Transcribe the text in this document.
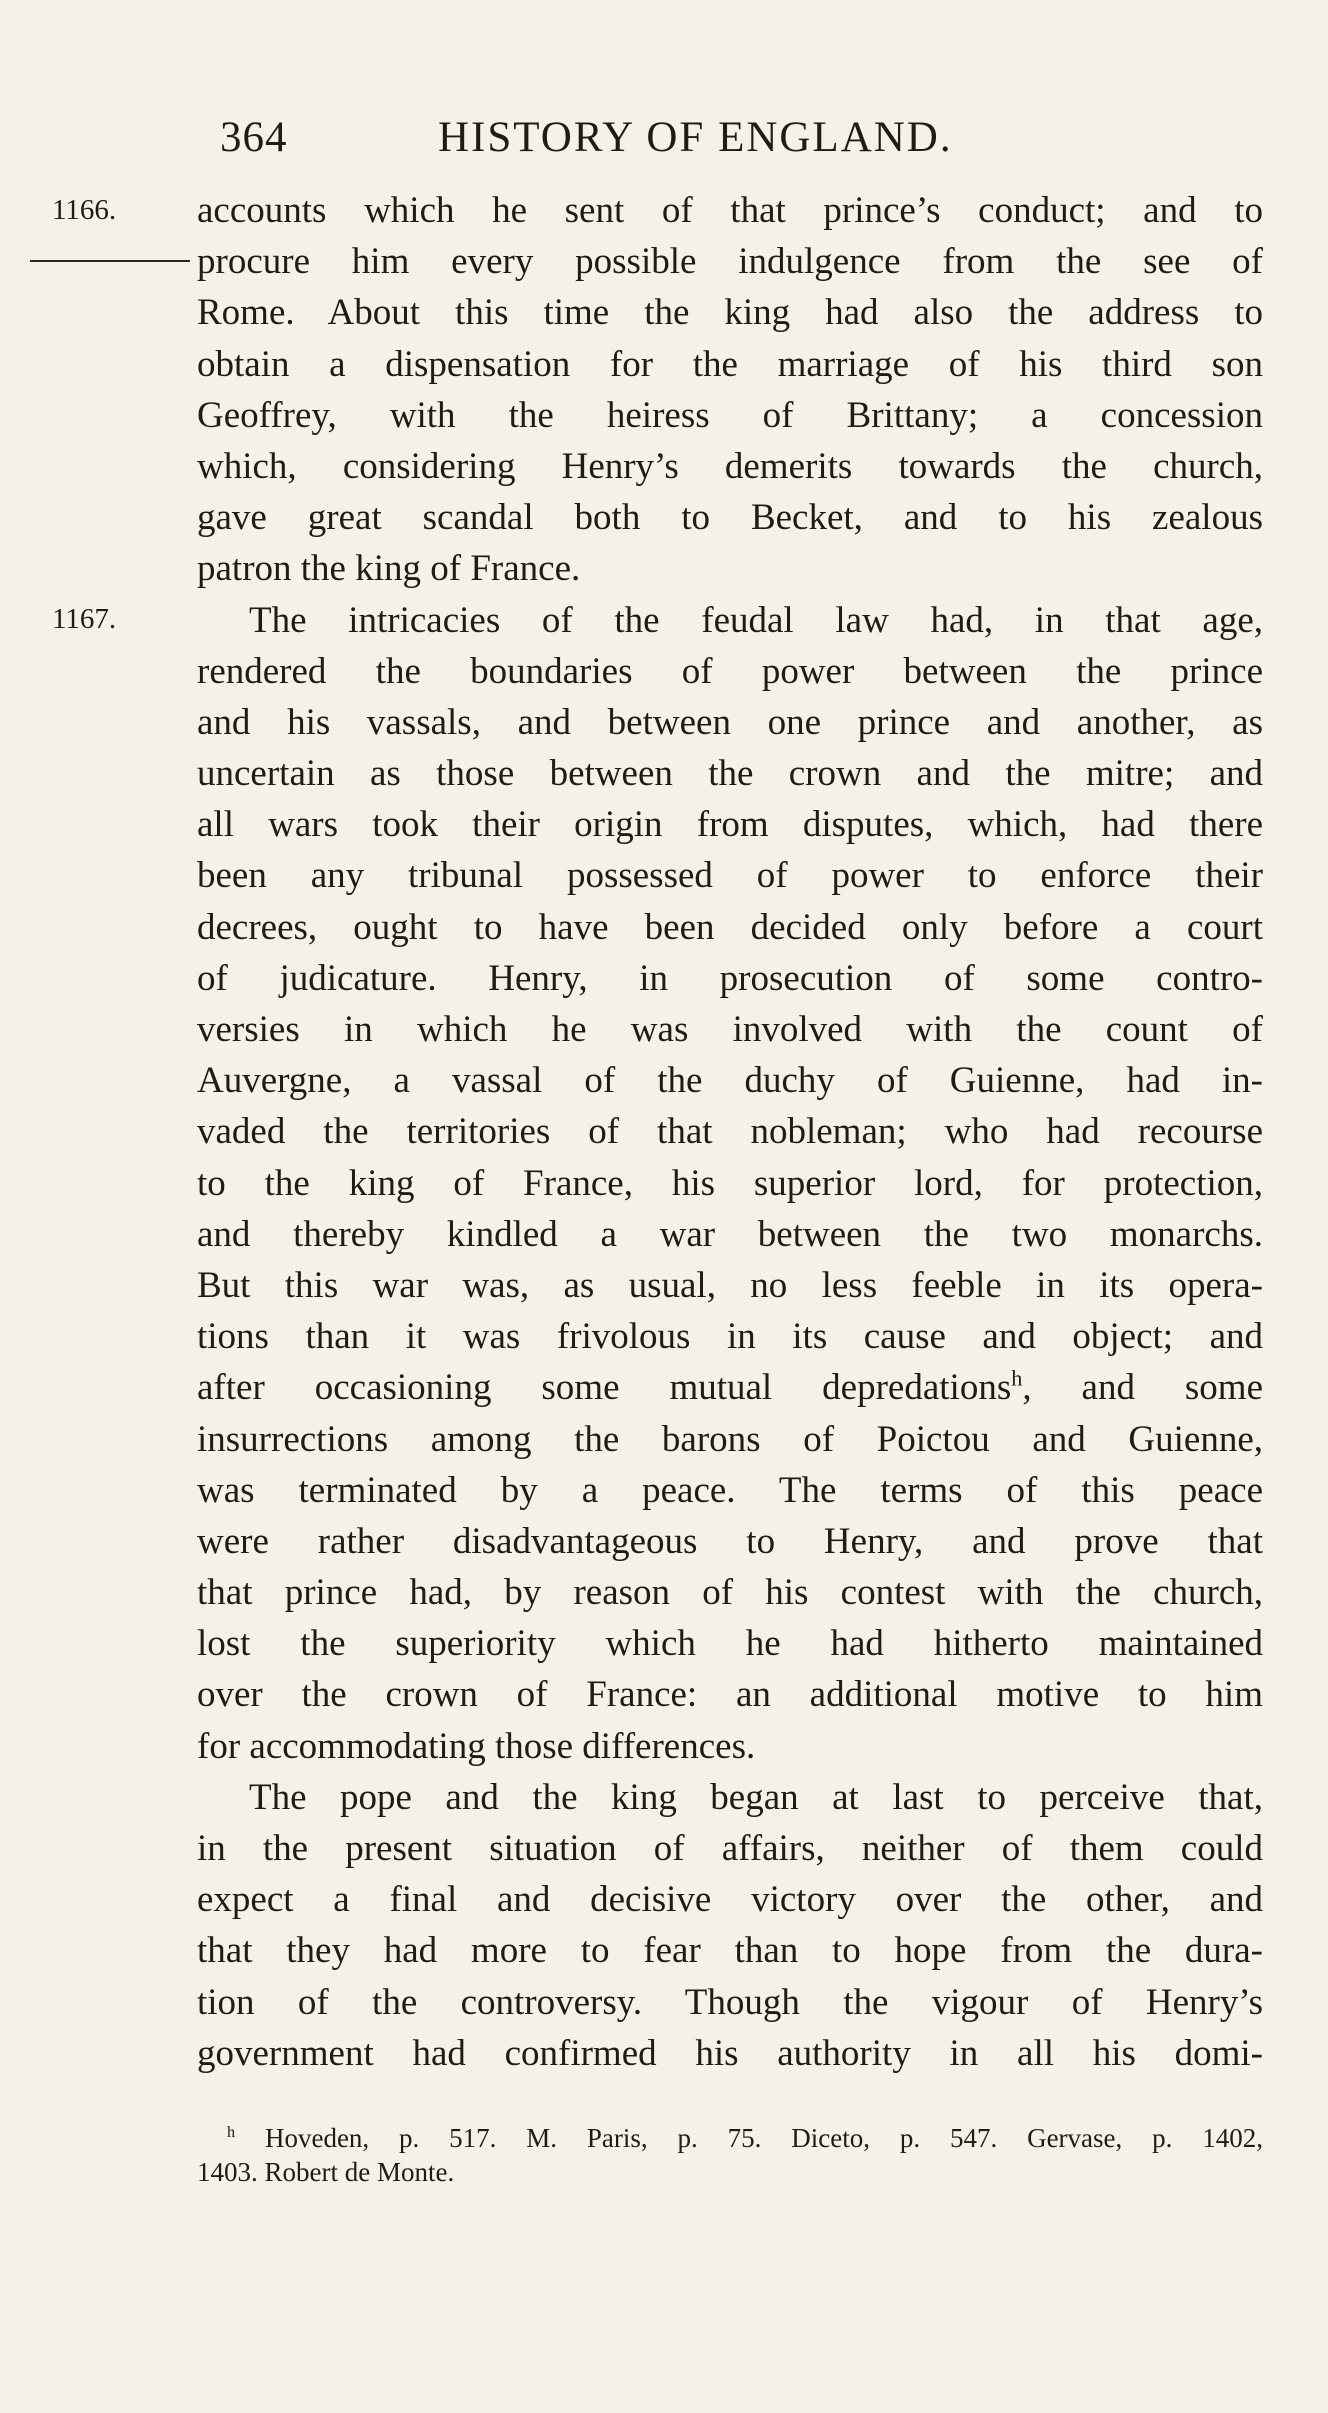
364	HISTORY OF ENGLAND.
1166.
1167.
accounts which he sent of that prince’s conduct; and to
procure him every possible indulgence from the see of
Rome. About this time the king had also the address to
obtain a dispensation for the marriage of his third son
Geoffrey, with the heiress of Brittany; a concession
which, considering Henry’s demerits towards the church,
gave great scandal both to Becket, and to his zealous
patron the king of France.
The intricacies of the feudal law had, in that age,
rendered the boundaries of power between the prince
and his vassals, and between one prince and another, as
uncertain as those between the crown and the mitre; and
all wars took their origin from disputes, which, had there
been any tribunal possessed of power to enforce their
decrees, ought to have been decided only before a court
of judicature. Henry, in prosecution of some contro-
versies in which he was involved with the count of
Auvergne, a vassal of the duchy of Guienne, had in-
vaded the territories of that nobleman; who had recourse
to the king of France, his superior lord, for protection,
and thereby kindled a war between the two monarchs.
But this war was, as usual, no less feeble in its opera-
tions than it was frivolous in its cause and object; and
after occasioning some mutual depredations$^h$, and some
insurrections among the barons of Poictou and Guienne,
was terminated by a peace. The terms of this peace
were rather disadvantageous to Henry, and prove that
that prince had, by reason of his contest with the church,
lost the superiority which he had hitherto maintained
over the crown of France: an additional motive to him
for accommodating those differences.
The pope and the king began at last to perceive that,
in the present situation of affairs, neither of them could
expect a final and decisive victory over the other, and
that they had more to fear than to hope from the dura-
tion of the controversy. Though the vigour of Henry’s
government had confirmed his authority in all his domi-
$^h$ Hoveden, p. 517. M. Paris, p. 75. Diceto, p. 547. Gervase, p. 1402,
1403. Robert de Monte.
